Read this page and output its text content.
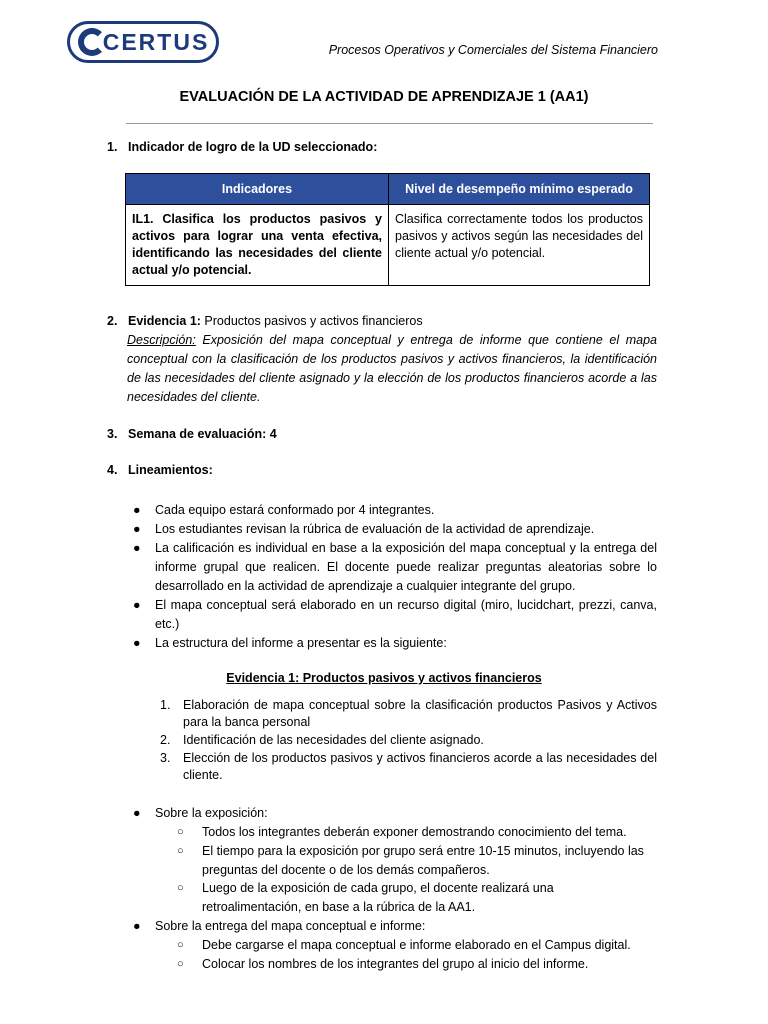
CERTUS	Procesos Operativos y Comerciales del Sistema Financiero
EVALUACIÓN DE LA ACTIVIDAD DE APRENDIZAJE 1 (AA1)
1. Indicador de logro de la UD seleccionado:
Indicadores	Nivel de desempeño mínimo esperado
IL1. Clasifica los productos pasivos y activos para lograr una venta efectiva, identificando las necesidades del cliente actual y/o potencial.	Clasifica correctamente todos los productos pasivos y activos según las necesidades del cliente actual y/o potencial.
2. Evidencia 1: Productos pasivos y activos financieros
Descripción: Exposición del mapa conceptual y entrega de informe que contiene el mapa conceptual con la clasificación de los productos pasivos y activos financieros, la identificación de las necesidades del cliente asignado y la elección de los productos financieros acorde a las necesidades del cliente.
3. Semana de evaluación: 4
4. Lineamientos:
●	Cada equipo estará conformado por 4 integrantes.
●	Los estudiantes revisan la rúbrica de evaluación de la actividad de aprendizaje.
●	La calificación es individual en base a la exposición del mapa conceptual y la entrega del informe grupal que realicen. El docente puede realizar preguntas aleatorias sobre lo desarrollado en la actividad de aprendizaje a cualquier integrante del grupo.
●	El mapa conceptual será elaborado en un recurso digital (miro, lucidchart, prezzi, canva, etc.)
●	La estructura del informe a presentar es la siguiente:
Evidencia 1: Productos pasivos y activos financieros
1. Elaboración de mapa conceptual sobre la clasificación productos Pasivos y Activos para la banca personal
2. Identificación de las necesidades del cliente asignado.
3. Elección de los productos pasivos y activos financieros acorde a las necesidades del cliente.
●	Sobre la exposición:
○ Todos los integrantes deberán exponer demostrando conocimiento del tema.
○ El tiempo para la exposición por grupo será entre 10-15 minutos, incluyendo las preguntas del docente o de los demás compañeros.
○ Luego de la exposición de cada grupo, el docente realizará una retroalimentación, en base a la rúbrica de la AA1.
●	Sobre la entrega del mapa conceptual e informe:
○ Debe cargarse el mapa conceptual e informe elaborado en el Campus digital.
○ Colocar los nombres de los integrantes del grupo al inicio del informe.
